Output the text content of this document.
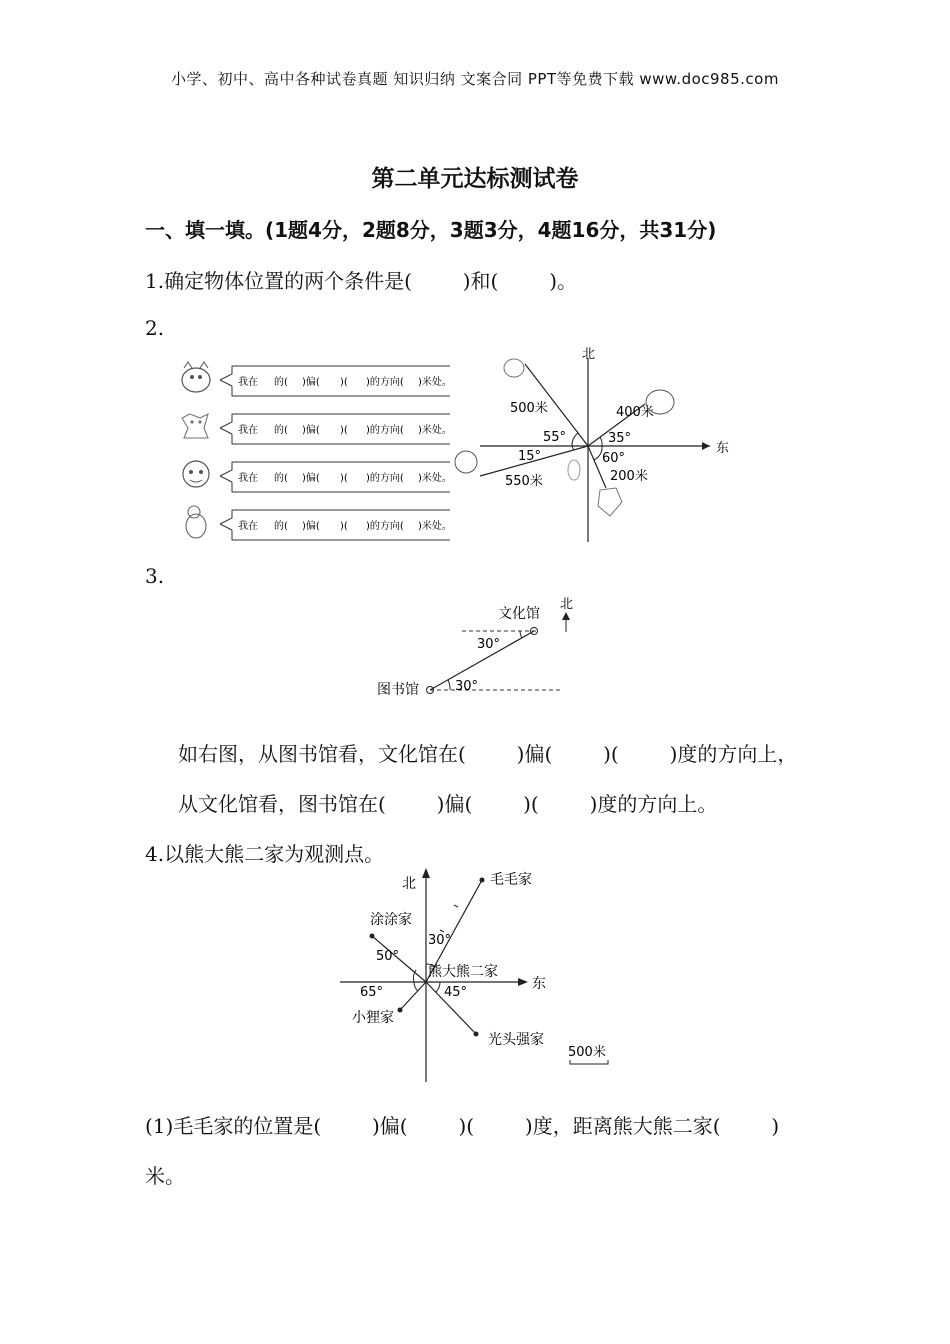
小学、初中、高中各种试卷真题 知识归纳 文案合同 PPT等免费下载 www.doc985.com
第二单元达标测试卷
一、填一填。(1题4分，2题8分，3题3分，4题16分，共31分)
1.确定物体位置的两个条件是(        )和(        )。
2.
我在 的( )偏( )( )的方向( )米处。
我在 的( )偏( )( )的方向( )米处。
我在 的( )偏( )( )的方向( )米处。
我在 的( )偏( )( )的方向( )米处。
北
东
500米	400米
550米	200米
55°	35°
15°	60°
3.
北
文化馆
图书馆
30°
30°
如右图，从图书馆看，文化馆在(        )偏(        )(        )度的方向上，
从文化馆看，图书馆在(        )偏(        )(        )度的方向上。
4.以熊大熊二家为观测点。
北
东
毛毛家
涂涂家
熊大熊二家
小狸家
光头强家
30°
50°
65°	45°
500米
(1)毛毛家的位置是(        )偏(        )(        )度，距离熊大熊二家(        )
米。
